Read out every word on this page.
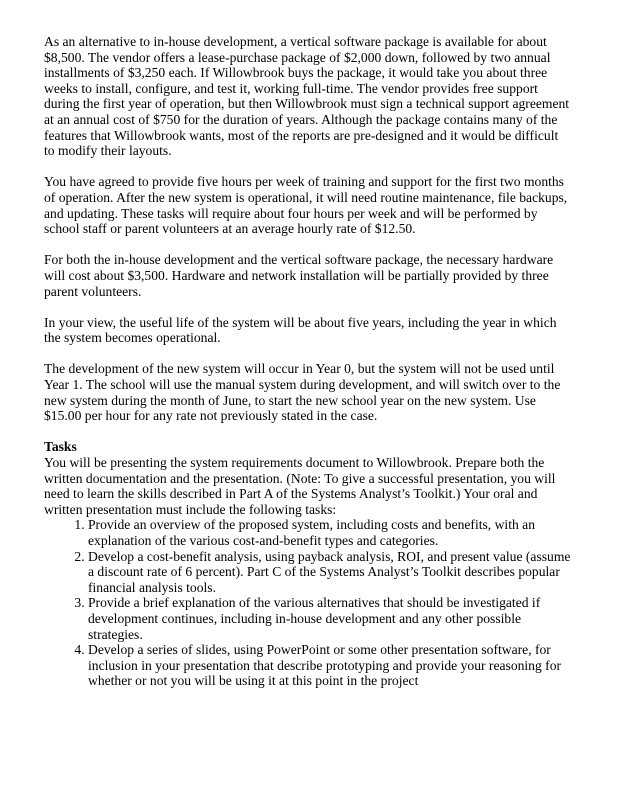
As an alternative to in-house development, a vertical software package is available for about $8,500. The vendor offers a lease-purchase package of $2,000 down, followed by two annual installments of $3,250 each. If Willowbrook buys the package, it would take you about three weeks to install, configure, and test it, working full-time. The vendor provides free support during the first year of operation, but then Willowbrook must sign a technical support agreement at an annual cost of $750 for the duration of years. Although the package contains many of the features that Willowbrook wants, most of the reports are pre-designed and it would be difficult to modify their layouts.

You have agreed to provide five hours per week of training and support for the first two months of operation. After the new system is operational, it will need routine maintenance, file backups, and updating. These tasks will require about four hours per week and will be performed by school staff or parent volunteers at an average hourly rate of $12.50.

For both the in-house development and the vertical software package, the necessary hardware will cost about $3,500. Hardware and network installation will be partially provided by three parent volunteers.

In your view, the useful life of the system will be about five years, including the year in which the system becomes operational.

The development of the new system will occur in Year 0, but the system will not be used until Year 1. The school will use the manual system during development, and will switch over to the new system during the month of June, to start the new school year on the new system. Use $15.00 per hour for any rate not previously stated in the case.

Tasks
You will be presenting the system requirements document to Willowbrook. Prepare both the written documentation and the presentation. (Note: To give a successful presentation, you will need to learn the skills described in Part A of the Systems Analyst’s Toolkit.) Your oral and written presentation must include the following tasks:
1. Provide an overview of the proposed system, including costs and benefits, with an explanation of the various cost-and-benefit types and categories.
2. Develop a cost-benefit analysis, using payback analysis, ROI, and present value (assume a discount rate of 6 percent). Part C of the Systems Analyst’s Toolkit describes popular financial analysis tools.
3. Provide a brief explanation of the various alternatives that should be investigated if development continues, including in-house development and any other possible strategies.
4. Develop a series of slides, using PowerPoint or some other presentation software, for inclusion in your presentation that describe prototyping and provide your reasoning for whether or not you will be using it at this point in the project
